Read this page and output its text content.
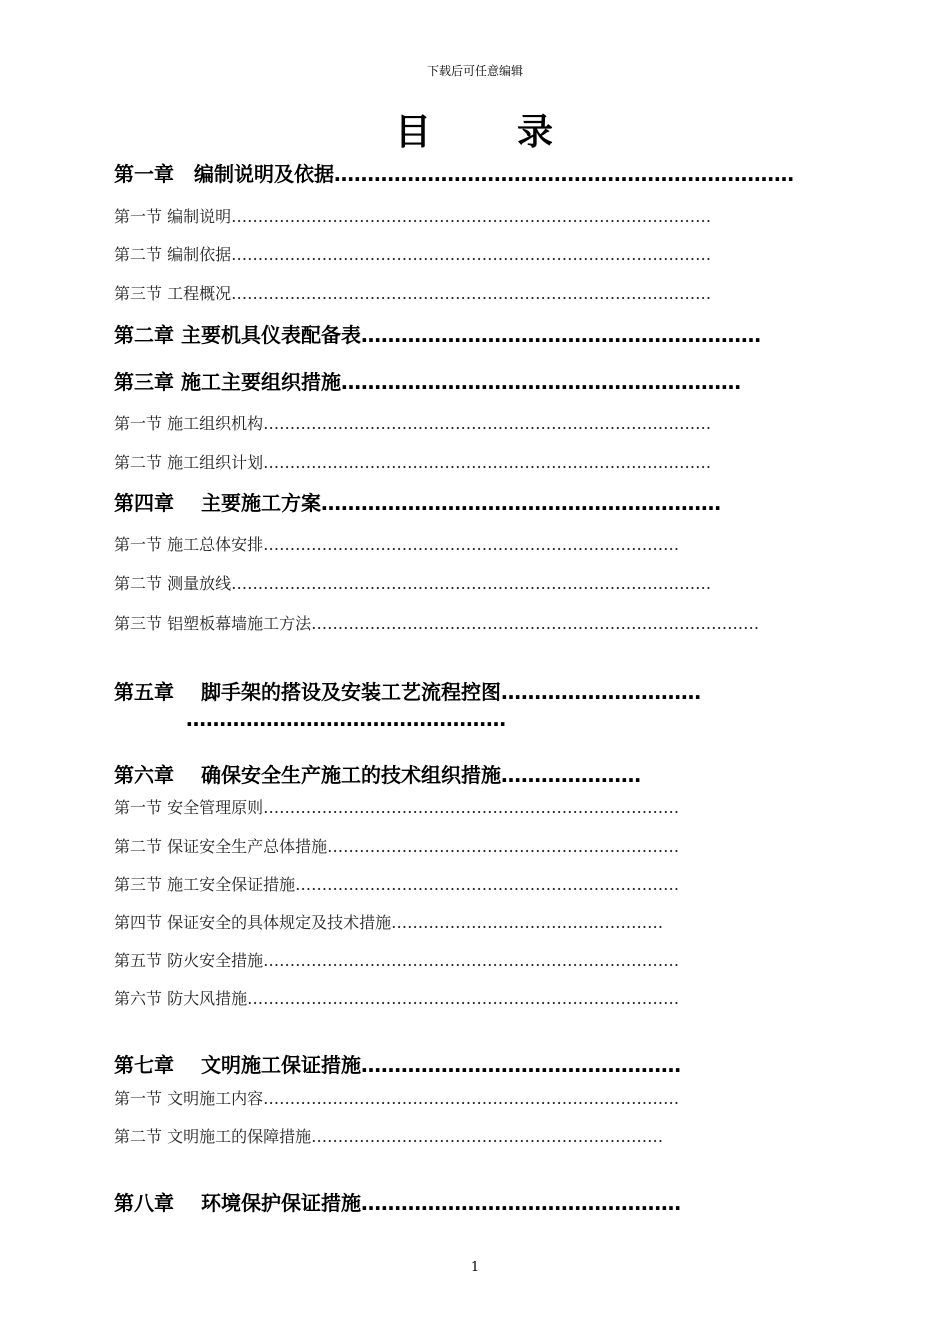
下载后可任意编辑
目 录
第一章　编制说明及依据……………………………………………………………
第一节 编制说明………………………………………………………………………………
第二节 编制依据………………………………………………………………………………
第三节 工程概况………………………………………………………………………………
第二章 主要机具仪表配备表……………………………………………………
第三章 施工主要组织措施……………………………………………………
第一节 施工组织机构…………………………………………………………………………
第二节 施工组织计划…………………………………………………………………………
第四章　 主要施工方案……………………………………………………
第一节 施工总体安排……………………………………………………………………
第二节 测量放线………………………………………………………………………………
第三节 铝塑板幕墙施工方法…………………………………………………………………………
第五章　 脚手架的搭设及安装工艺流程控图…………………………
…………………………………………
第六章　 确保安全生产施工的技术组织措施…………………
第一节 安全管理原则……………………………………………………………………
第二节 保证安全生产总体措施…………………………………………………………
第三节 施工安全保证措施………………………………………………………………
第四节 保证安全的具体规定及技术措施……………………………………………
第五节 防火安全措施……………………………………………………………………
第六节 防大风措施………………………………………………………………………
第七章　 文明施工保证措施…………………………………………
第一节 文明施工内容……………………………………………………………………
第二节 文明施工的保障措施…………………………………………………………
第八章　 环境保护保证措施…………………………………………
1
